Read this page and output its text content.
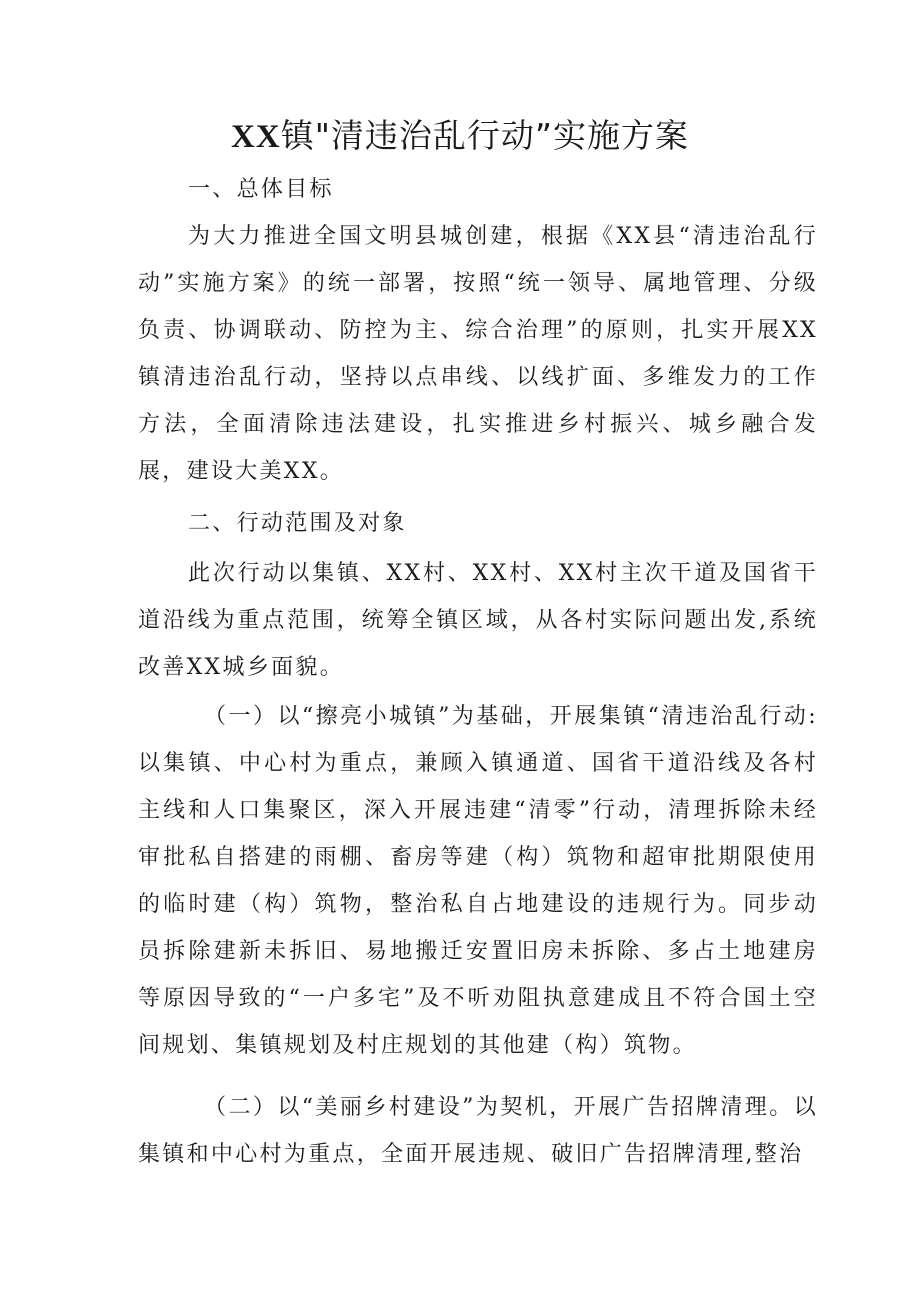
XX镇"清违治乱行动”实施方案
一、总体目标
为大力推进全国文明县城创建，根据《XX县“清违治乱行动”实施方案》的统一部署，按照“统一领导、属地管理、分级负责、协调联动、防控为主、综合治理”的原则，扎实开展XX镇清违治乱行动，坚持以点串线、以线扩面、多维发力的工作方法，全面清除违法建设，扎实推进乡村振兴、城乡融合发展，建设大美XX。
二、行动范围及对象
此次行动以集镇、XX村、XX村、XX村主次干道及国省干道沿线为重点范围，统筹全镇区域，从各村实际问题出发,系统改善XX城乡面貌。
（一）以“擦亮小城镇”为基础，开展集镇“清违治乱行动:以集镇、中心村为重点，兼顾入镇通道、国省干道沿线及各村主线和人口集聚区，深入开展违建“清零”行动，清理拆除未经审批私自搭建的雨棚、畜房等建（构）筑物和超审批期限使用的临时建（构）筑物，整治私自占地建设的违规行为。同步动员拆除建新未拆旧、易地搬迁安置旧房未拆除、多占土地建房等原因导致的“一户多宅”及不听劝阻执意建成且不符合国土空间规划、集镇规划及村庄规划的其他建（构）筑物。
（二）以“美丽乡村建设”为契机，开展广告招牌清理。以集镇和中心村为重点，全面开展违规、破旧广告招牌清理,整治
